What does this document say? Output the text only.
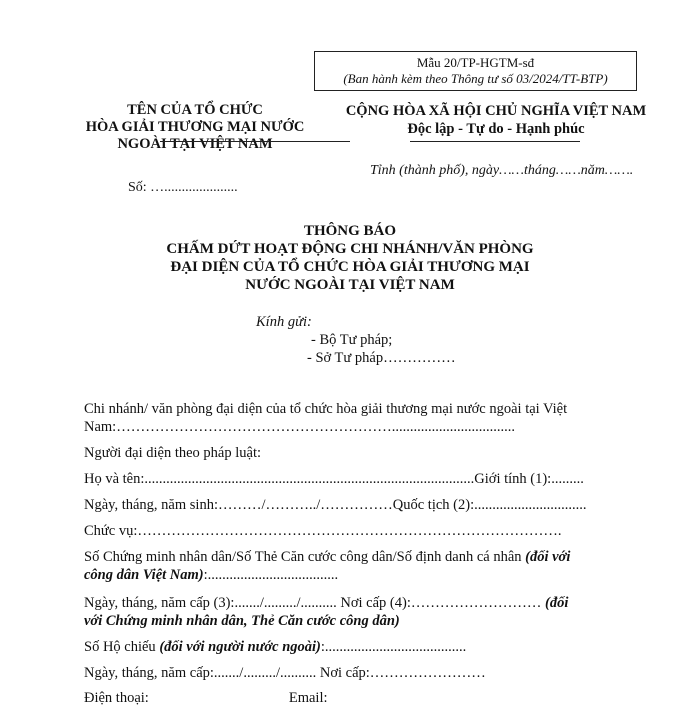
Mẫu 20/TP-HGTM-sđ
(Ban hành kèm theo Thông tư số 03/2024/TT-BTP)
TÊN CỦA TỔ CHỨC
HÒA GIẢI THƯƠNG MẠI NƯỚC
NGOÀI TẠI VIỆT NAM
CỘNG HÒA XÃ HỘI CHỦ NGHĨA VIỆT NAM
Độc lập - Tự do - Hạnh phúc
Tỉnh (thành phố), ngày……tháng……năm…….
Số: ….....................
THÔNG BÁO
CHẤM DỨT HOẠT ĐỘNG CHI NHÁNH/VĂN PHÒNG
ĐẠI DIỆN CỦA TỔ CHỨC HÒA GIẢI THƯƠNG MẠI
NƯỚC NGOÀI TẠI VIỆT NAM
Kính gửi:
- Bộ Tư pháp;
- Sở Tư pháp……………
Chi nhánh/ văn phòng đại diện của tổ chức hòa giải thương mại nước ngoài tại Việt
Nam:…………………………………………………..................................
Người đại diện theo pháp luật:
Họ và tên:...........................................................................................Giới tính (1):.........
Ngày, tháng, năm sinh:………/………../……………Quốc tịch (2):...............................
Chức vụ:…………………………………………………………………………….
Số Chứng minh nhân dân/Số Thẻ Căn cước công dân/Số định danh cá nhân (đối với
công dân Việt Nam):....................................
Ngày, tháng, năm cấp (3):......./........./.......... Nơi cấp (4):……………………… (đối
với Chứng minh nhân dân, Thẻ Căn cước công dân)
Số Hộ chiếu (đối với người nước ngoài):.......................................
Ngày, tháng, năm cấp:......./........./.......... Nơi cấp:……………………
Điện thoại:	Email:
